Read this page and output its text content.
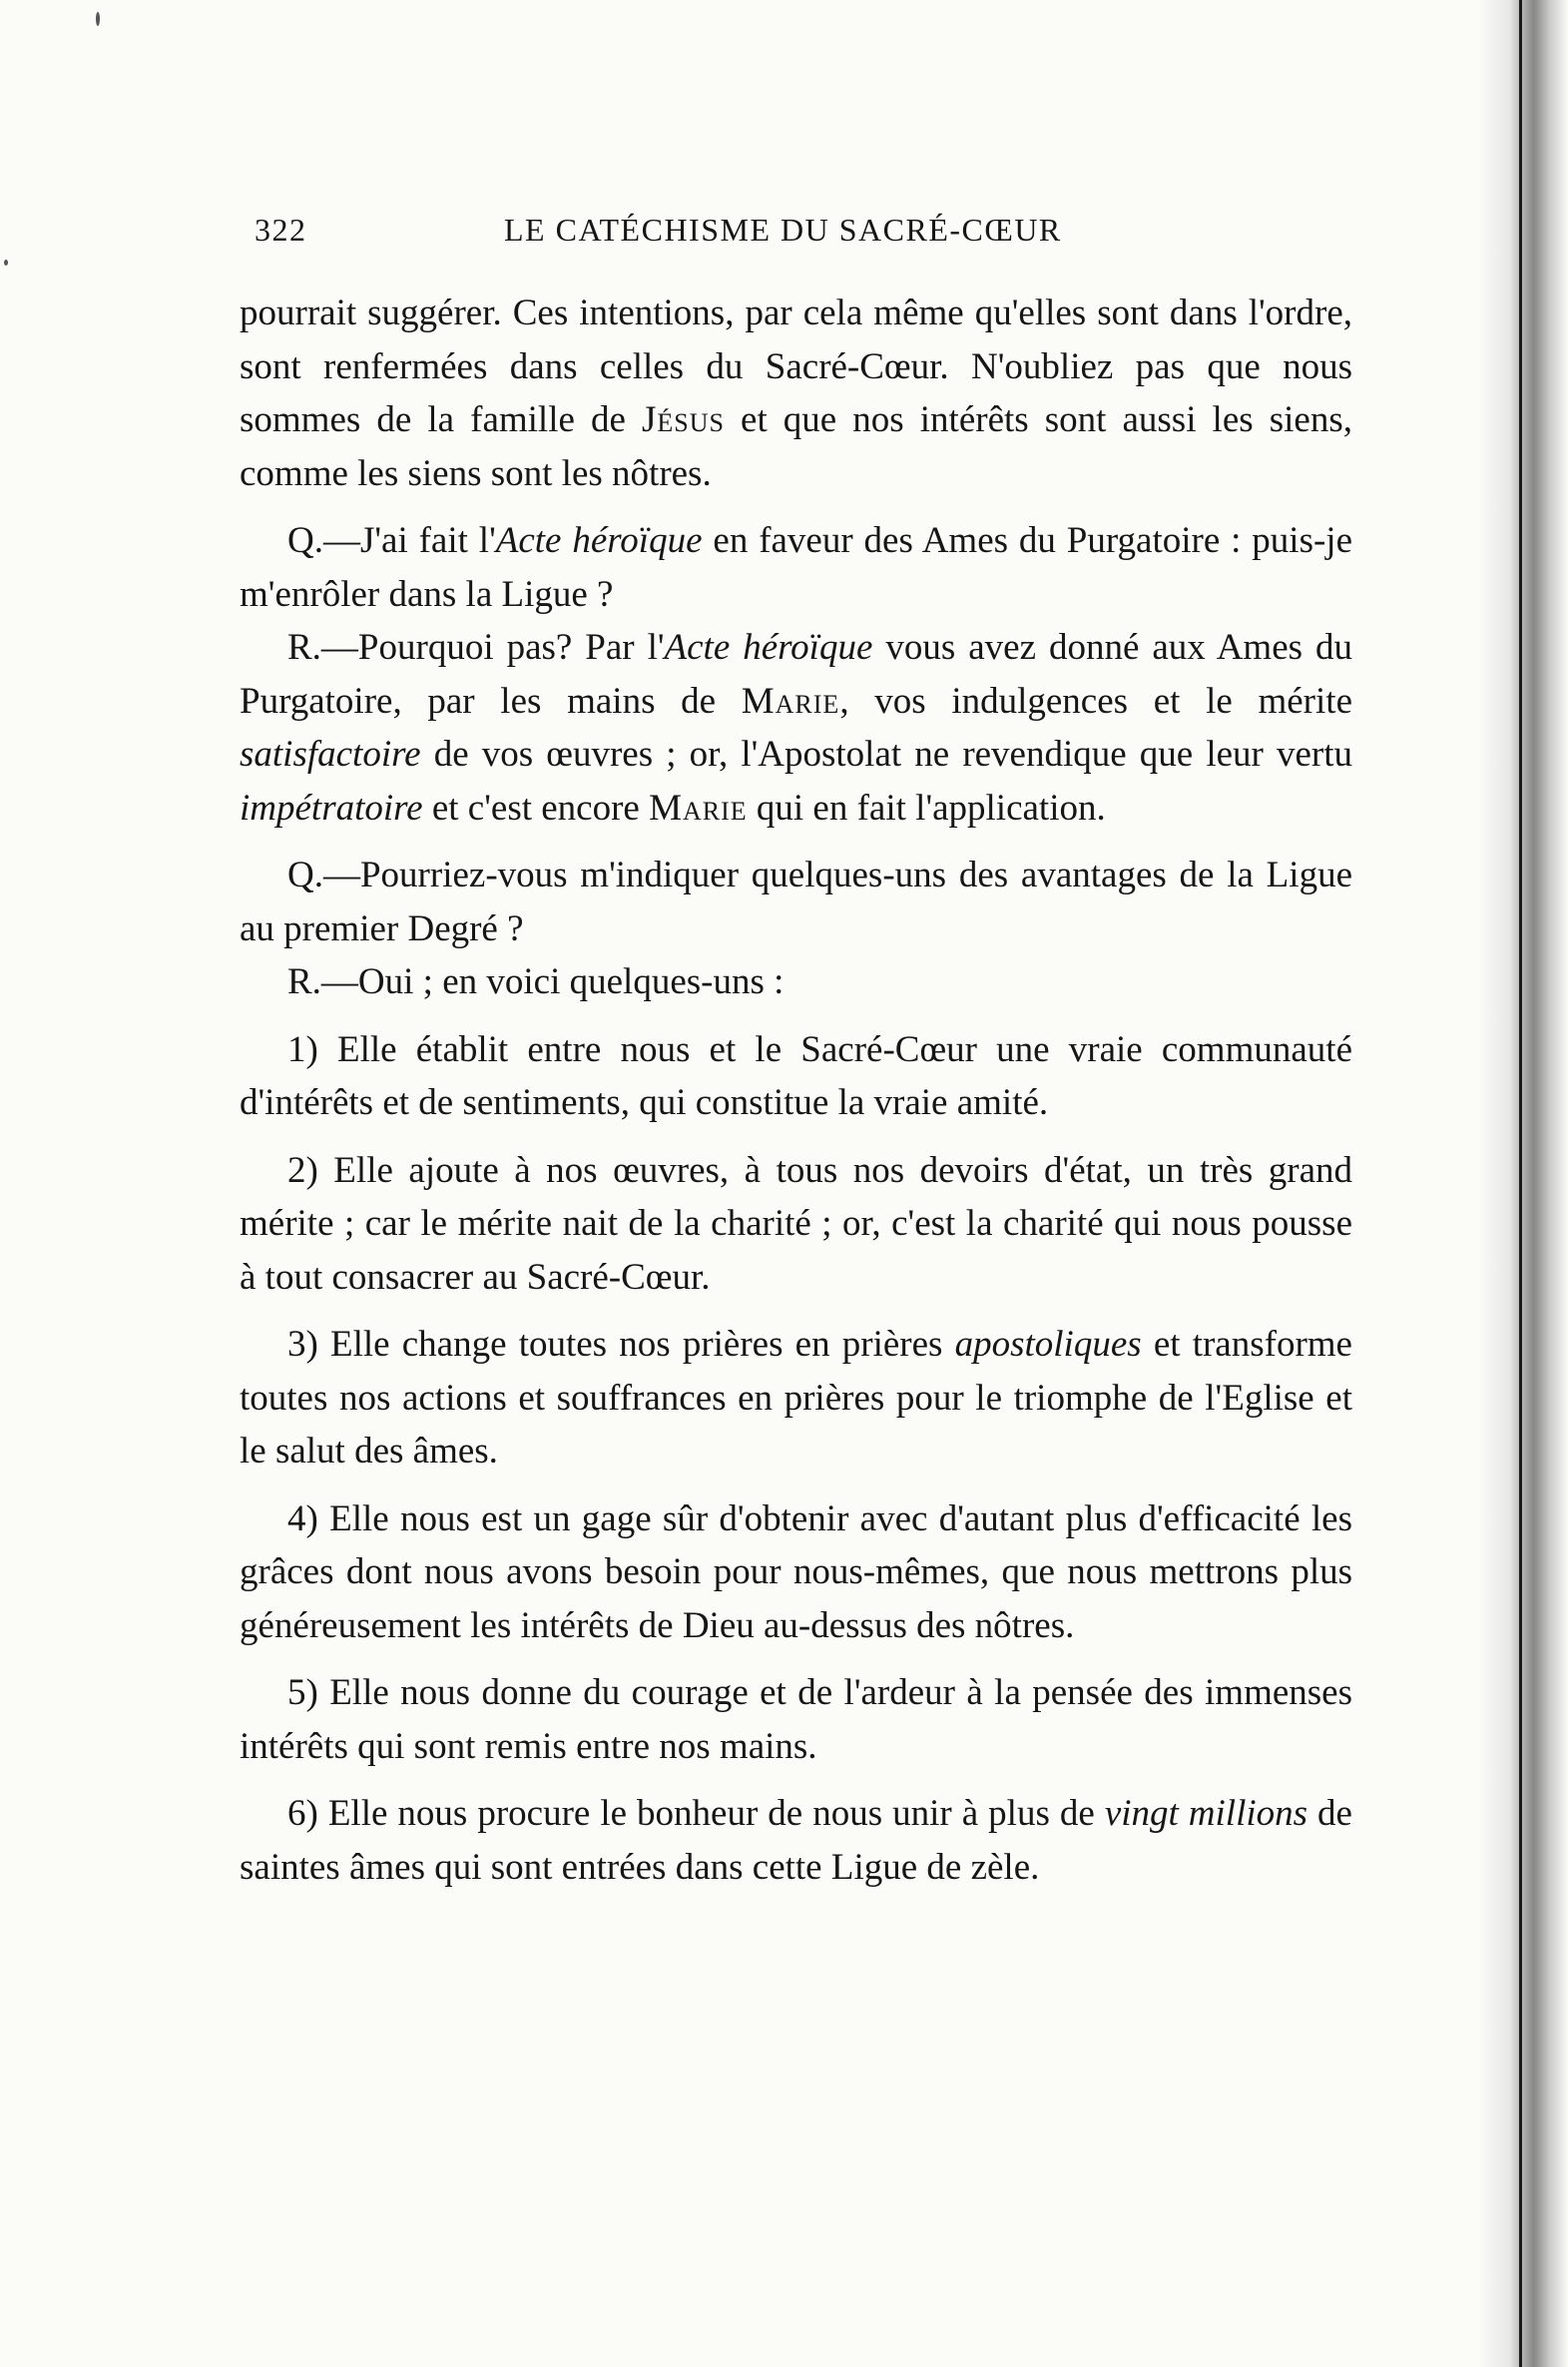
322	LE CATÉCHISME DU SACRÉ-CŒUR

pourrait suggérer. Ces intentions, par cela même qu'elles sont dans l'ordre, sont renfermées dans celles du Sacré-Cœur. N'oubliez pas que nous sommes de la famille de Jésus et que nos intérêts sont aussi les siens, comme les siens sont les nôtres.

Q.—J'ai fait l'Acte héroïque en faveur des Ames du Purgatoire : puis-je m'enrôler dans la Ligue ?

R.—Pourquoi pas? Par l'Acte héroïque vous avez donné aux Ames du Purgatoire, par les mains de Marie, vos indulgences et le mérite satisfactoire de vos œuvres ; or, l'Apostolat ne revendique que leur vertu impétratoire et c'est encore Marie qui en fait l'application.

Q.—Pourriez-vous m'indiquer quelques-uns des avantages de la Ligue au premier Degré ?

R.—Oui ; en voici quelques-uns :

1) Elle établit entre nous et le Sacré-Cœur une vraie communauté d'intérêts et de sentiments, qui constitue la vraie amité.

2) Elle ajoute à nos œuvres, à tous nos devoirs d'état, un très grand mérite ; car le mérite nait de la charité ; or, c'est la charité qui nous pousse à tout consacrer au Sacré-Cœur.

3) Elle change toutes nos prières en prières apostoliques et transforme toutes nos actions et souffrances en prières pour le triomphe de l'Eglise et le salut des âmes.

4) Elle nous est un gage sûr d'obtenir avec d'autant plus d'efficacité les grâces dont nous avons besoin pour nous-mêmes, que nous mettrons plus généreusement les intérêts de Dieu au-dessus des nôtres.

5) Elle nous donne du courage et de l'ardeur à la pensée des immenses intérêts qui sont remis entre nos mains.

6) Elle nous procure le bonheur de nous unir à plus de vingt millions de saintes âmes qui sont entrées dans cette Ligue de zèle.
